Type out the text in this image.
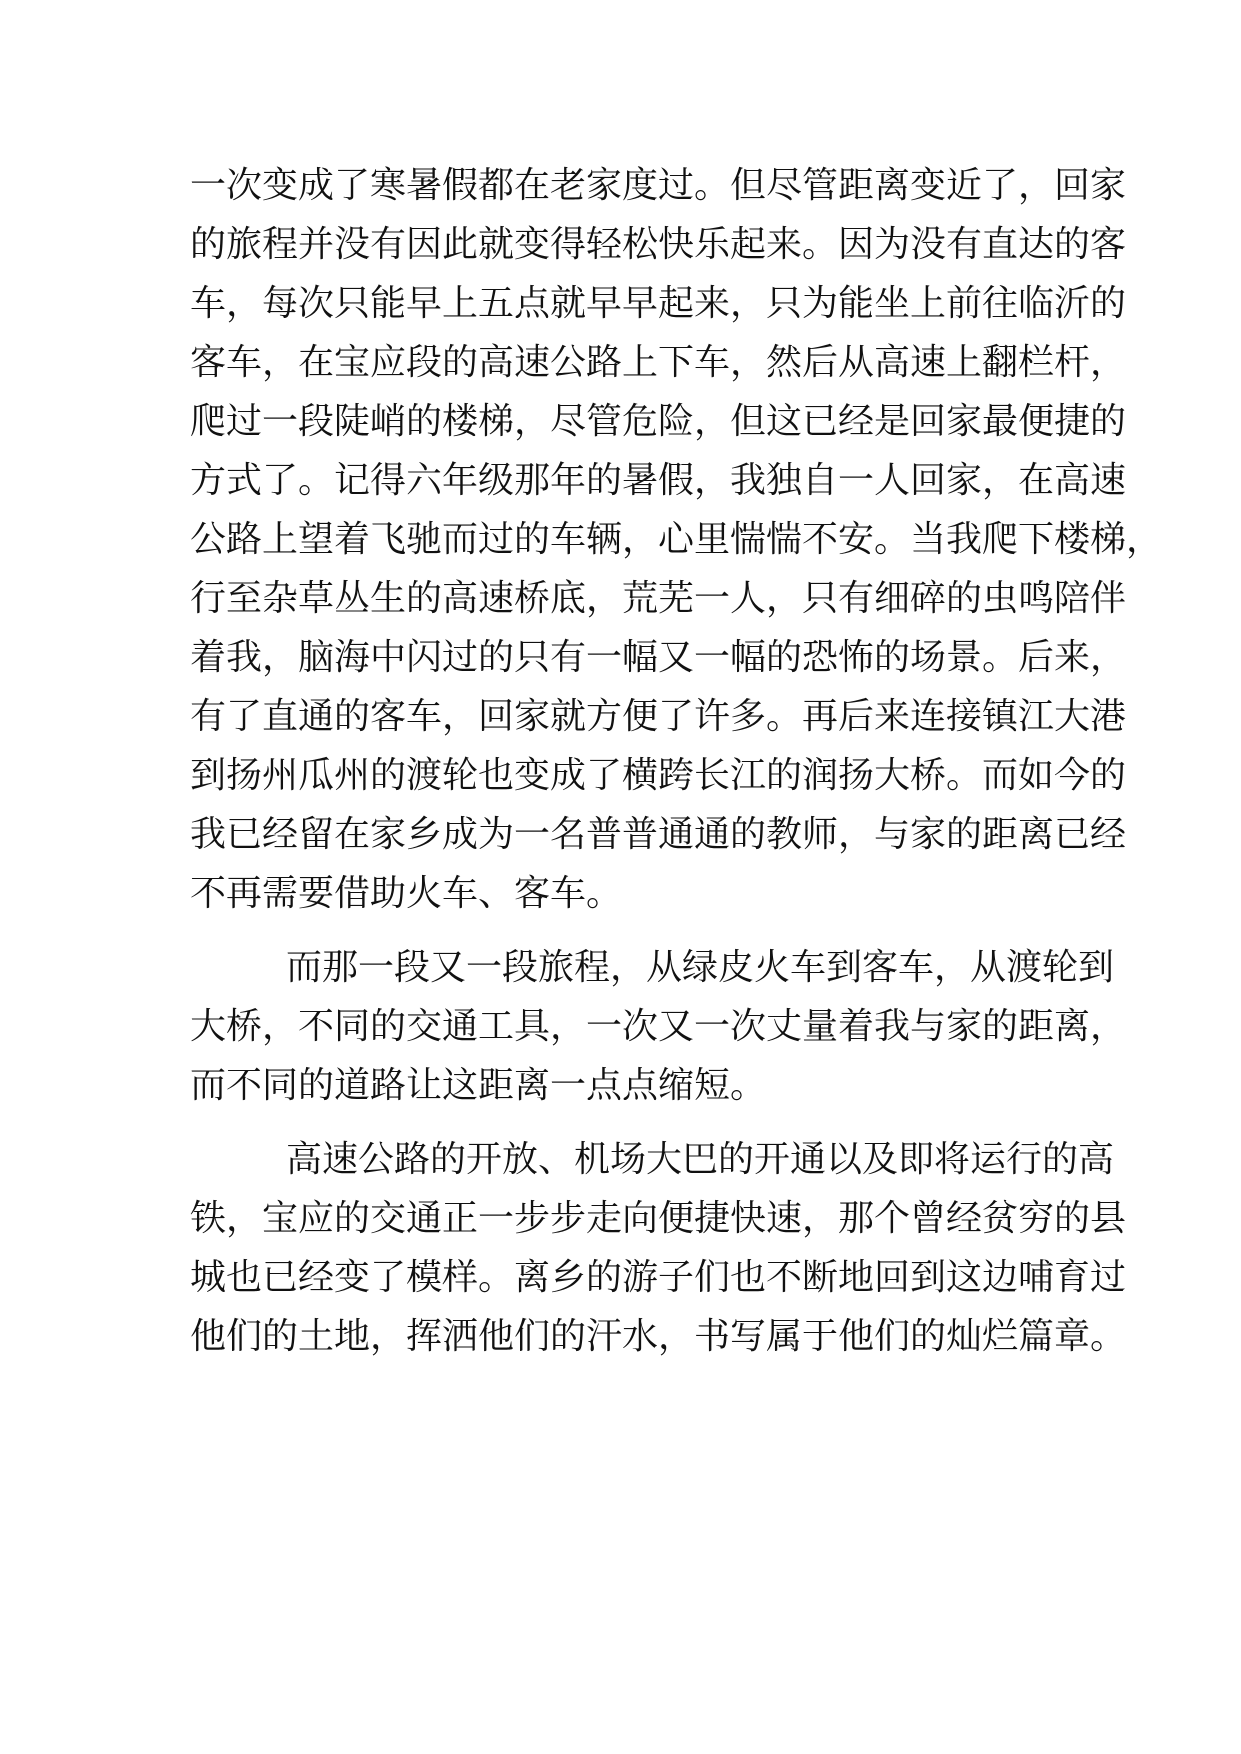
一次变成了寒暑假都在老家度过。但尽管距离变近了，回家

的旅程并没有因此就变得轻松快乐起来。因为没有直达的客

车，每次只能早上五点就早早起来，只为能坐上前往临沂的

客车，在宝应段的高速公路上下车，然后从高速上翻栏杆，

爬过一段陡峭的楼梯，尽管危险，但这已经是回家最便捷的

方式了。记得六年级那年的暑假，我独自一人回家，在高速

公路上望着飞驰而过的车辆，心里惴惴不安。当我爬下楼梯，

行至杂草丛生的高速桥底，荒芜一人，只有细碎的虫鸣陪伴

着我，脑海中闪过的只有一幅又一幅的恐怖的场景。后来，

有了直通的客车，回家就方便了许多。再后来连接镇江大港

到扬州瓜州的渡轮也变成了横跨长江的润扬大桥。而如今的

我已经留在家乡成为一名普普通通的教师，与家的距离已经

不再需要借助火车、客车。

而那一段又一段旅程，从绿皮火车到客车，从渡轮到

大桥，不同的交通工具，一次又一次丈量着我与家的距离，

而不同的道路让这距离一点点缩短。

高速公路的开放、机场大巴的开通以及即将运行的高

铁，宝应的交通正一步步走向便捷快速，那个曾经贫穷的县

城也已经变了模样。离乡的游子们也不断地回到这边哺育过

他们的土地，挥洒他们的汗水，书写属于他们的灿烂篇章。
